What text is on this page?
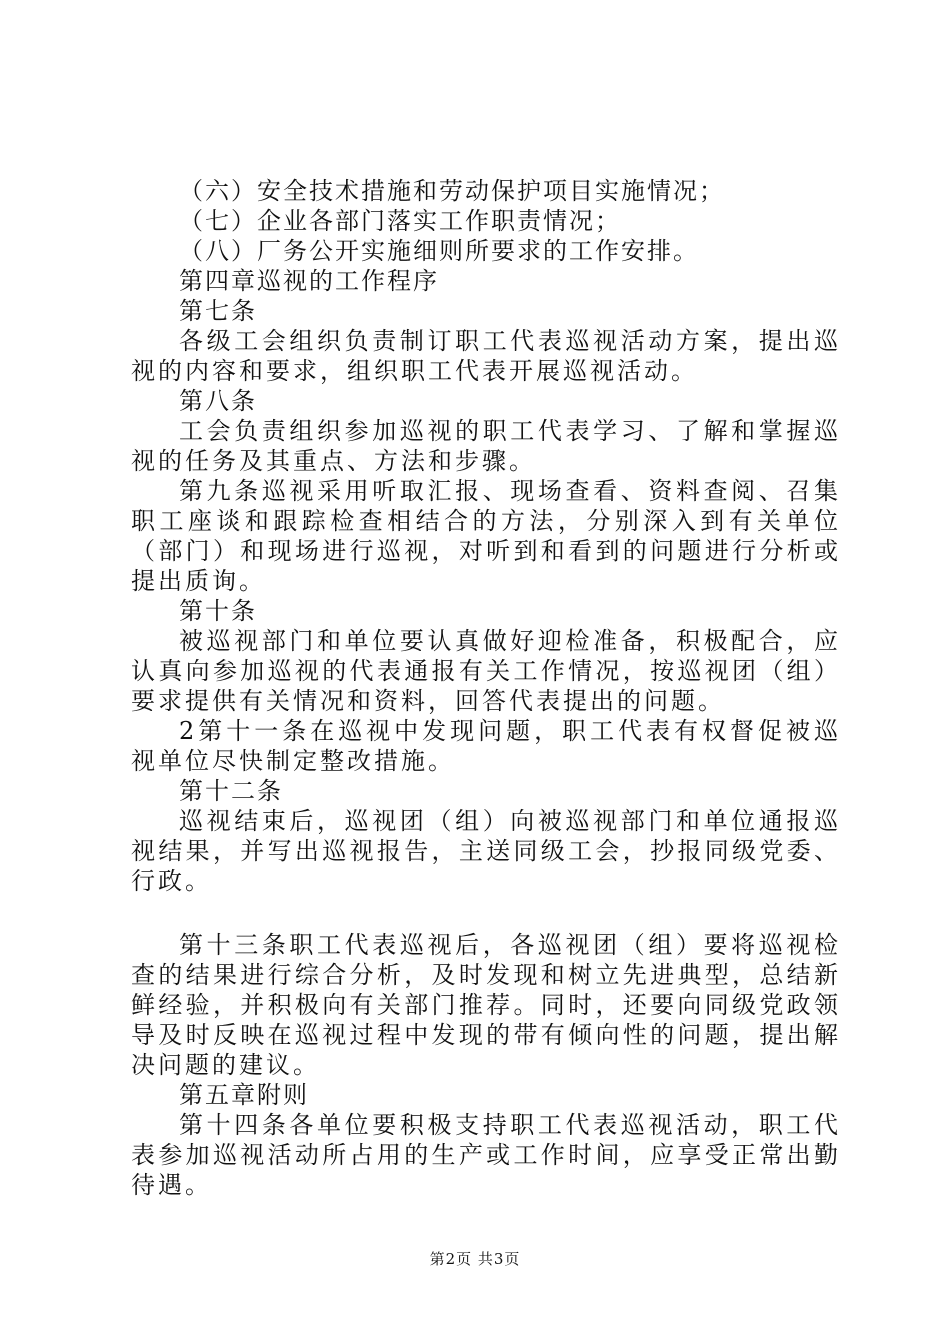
（六）安全技术措施和劳动保护项目实施情况；
（七）企业各部门落实工作职责情况；
（八）厂务公开实施细则所要求的工作安排。
第四章巡视的工作程序
第七条
各级工会组织负责制订职工代表巡视活动方案，提出巡视的内容和要求，组织职工代表开展巡视活动。
第八条
工会负责组织参加巡视的职工代表学习、了解和掌握巡视的任务及其重点、方法和步骤。
第九条巡视采用听取汇报、现场查看、资料查阅、召集职工座谈和跟踪检查相结合的方法，分别深入到有关单位（部门）和现场进行巡视，对听到和看到的问题进行分析或提出质询。
第十条
被巡视部门和单位要认真做好迎检准备，积极配合，应认真向参加巡视的代表通报有关工作情况，按巡视团（组）要求提供有关情况和资料，回答代表提出的问题。
2第十一条在巡视中发现问题，职工代表有权督促被巡视单位尽快制定整改措施。
第十二条
巡视结束后，巡视团（组）向被巡视部门和单位通报巡视结果，并写出巡视报告，主送同级工会，抄报同级党委、行政。
第十三条职工代表巡视后，各巡视团（组）要将巡视检查的结果进行综合分析，及时发现和树立先进典型，总结新鲜经验，并积极向有关部门推荐。同时，还要向同级党政领导及时反映在巡视过程中发现的带有倾向性的问题，提出解决问题的建议。
第五章附则
第十四条各单位要积极支持职工代表巡视活动，职工代表参加巡视活动所占用的生产或工作时间，应享受正常出勤待遇。
第2页 共3页
